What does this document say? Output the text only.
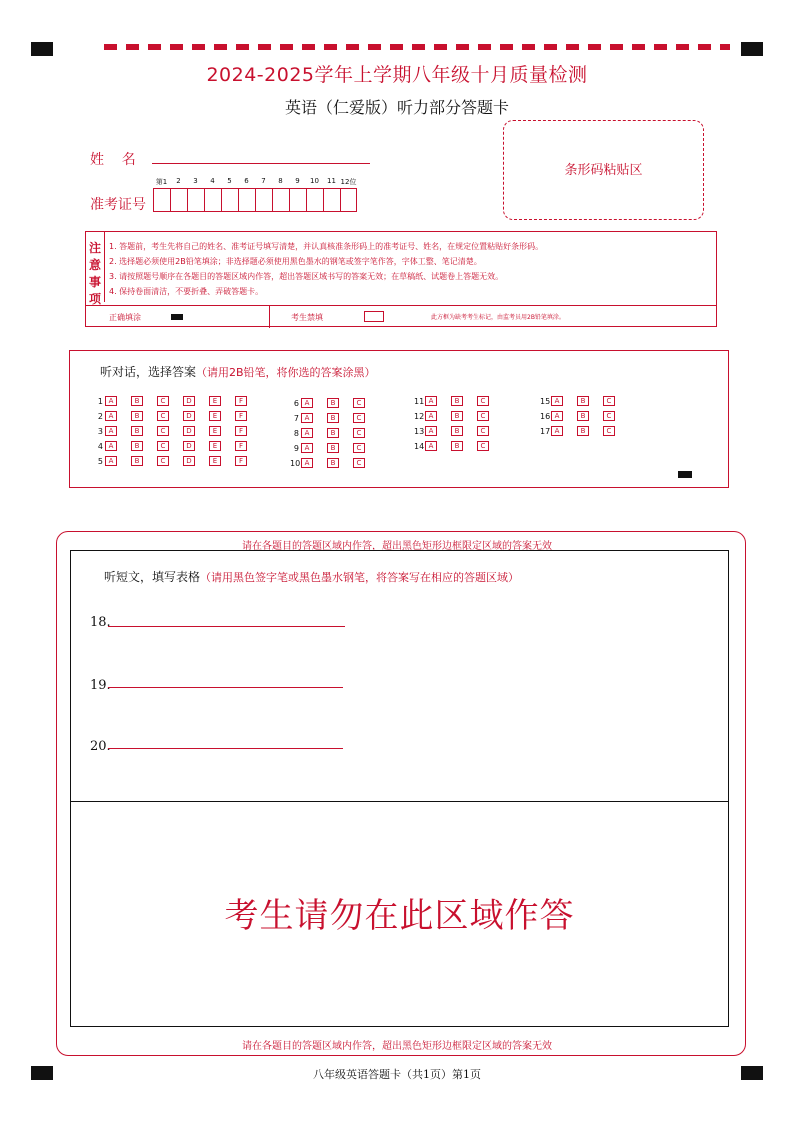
2024-2025学年上学期八年级十月质量检测
英语（仁爱版）听力部分答题卡
条形码粘贴区
姓    名
准考证号
第1	2	3	4	5	6	7	8	9	10	11 12位
注
意
事
项
1. 答题前，考生先将自己的姓名、准考证号填写清楚，并认真核准条形码上的准考证号、姓名，在规定位置粘贴好条形码。
2. 选择题必须使用2B铅笔填涂；非选择题必须使用黑色墨水的钢笔或签字笔作答，字体工整、笔记清楚。
3. 请按照题号顺序在各题目的答题区域内作答，超出答题区域书写的答案无效；在草稿纸、试题卷上答题无效。
4. 保持卷面清洁，不要折叠、弄破答题卡。
正确填涂	考生禁填	此方框为缺考考生标记，由监考员用2B铅笔填涂。
听对话，选择答案（请用2B铅笔，将你选的答案涂黑）
1 A	B	C	D	E	F
2 A	B	C	D	E	F
3 A	B	C	D	E	F
4 A	B	C	D	E	F
5 A	B	C	D	E	F
6 A	B	C
7 A	B	C
8 A	B	C
9 A	B	C
10 A	B	C
11 A	B	C
12 A	B	C
13 A	B	C
14 A	B	C
15 A	B	C
16 A	B	C
17 A	B	C
请在各题目的答题区域内作答，超出黑色矩形边框限定区域的答案无效
听短文，填写表格（请用黑色签字笔或黑色墨水钢笔，将答案写在相应的答题区域）
18.
19.
20.
考生请勿在此区域作答
请在各题目的答题区域内作答，超出黑色矩形边框限定区域的答案无效
八年级英语答题卡（共1页）第1页
